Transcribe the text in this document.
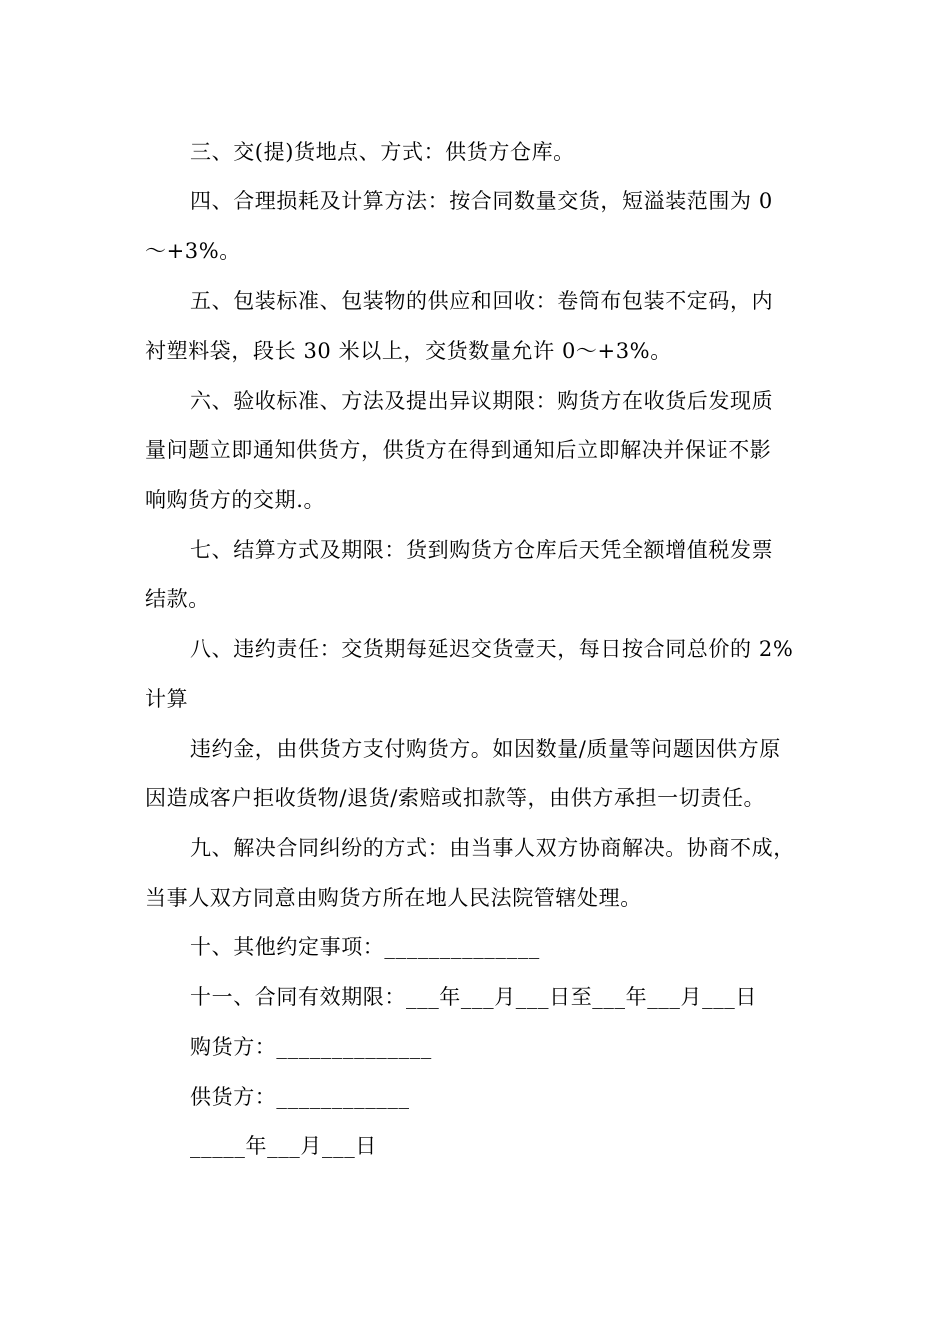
三、交(提)货地点、方式：供货方仓库。
四、合理损耗及计算方法：按合同数量交货，短溢装范围为 0
～+3%。
五、包装标准、包装物的供应和回收：卷筒布包装不定码，内
衬塑料袋，段长 30 米以上，交货数量允许 0～+3%。
六、验收标准、方法及提出异议期限：购货方在收货后发现质
量问题立即通知供货方，供货方在得到通知后立即解决并保证不影
响购货方的交期.。
七、结算方式及期限：货到购货方仓库后天凭全额增值税发票
结款。
八、违约责任：交货期每延迟交货壹天，每日按合同总价的 2%
计算
违约金，由供货方支付购货方。如因数量/质量等问题因供方原
因造成客户拒收货物/退货/索赔或扣款等，由供方承担一切责任。
九、解决合同纠纷的方式：由当事人双方协商解决。协商不成，
当事人双方同意由购货方所在地人民法院管辖处理。
十、其他约定事项：______________
十一、合同有效期限：___年___月___日至___年___月___日
购货方：______________
供货方：____________
_____年___月___日
